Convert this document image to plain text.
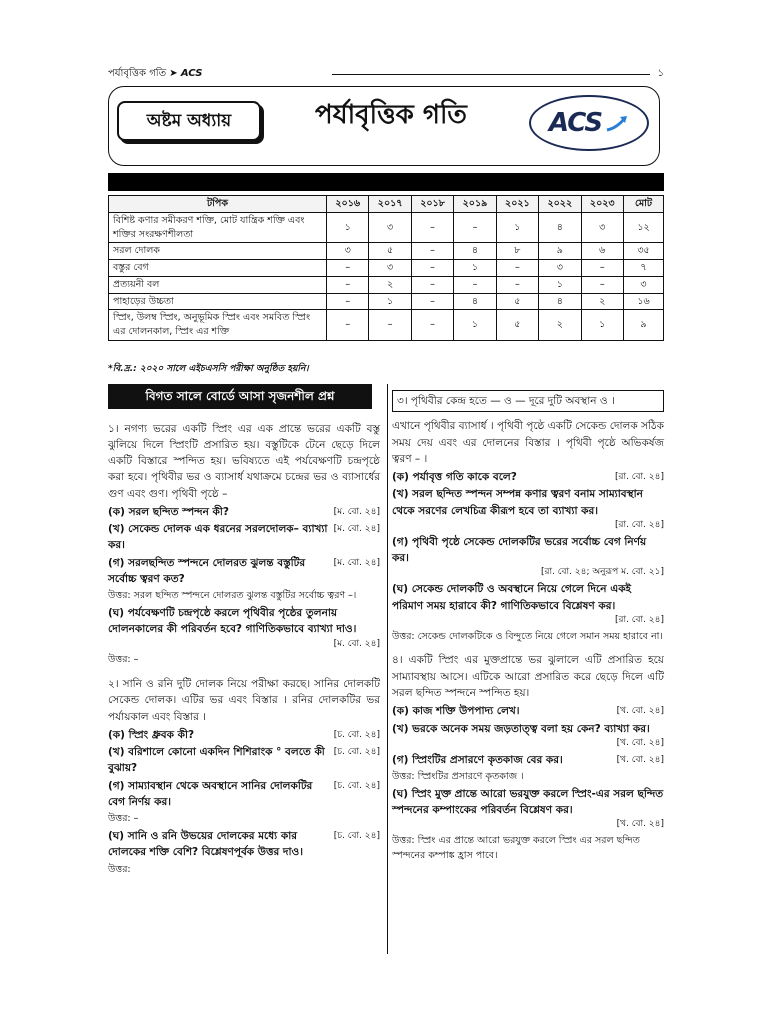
পর্যাবৃত্তিক গতি ➤ ACS	১
অষ্টম অধ্যায়	পর্যাবৃত্তিক গতি	ACS
টপিক	২০১৬	২০১৭	২০১৮	২০১৯	২০২১	২০২২	২০২৩	মোট
বিশিষ্ট কণার সমীকরণ শক্তি, মোট যান্ত্রিক শক্তি এবং শক্তির সংরক্ষণশীলতা	১	৩	–	–	১	৪	৩	১২
সরল দোলক	৩	৫	–	৪	৮	৯	৬	৩৫
বস্তুর বেগ	–	৩	–	১	–	৩	–	৭
প্রত্যয়নী বল	–	২	–	–	–	১	–	৩
পাহাড়ের উচ্চতা	–	১	–	৪	৫	৪	২	১৬
স্প্রিং, উলম্ব স্প্রিং, অনুভূমিক স্প্রিং এবং সমবিত স্প্রিং এর দোলনকাল, স্প্রিং এর শক্তি	–	–	–	১	৫	২	১	৯
*বি.দ্র.: ২০২০ সালে এইচএসসি পরীক্ষা অনুষ্ঠিত হয়নি।
বিগত সালে বোর্ডে আসা সৃজনশীল প্রশ্ন
১। নগণ্য ভরের একটি স্প্রিং এর এক প্রান্তে ভরের একটি বস্তু ঝুলিয়ে দিলে স্প্রিংটি প্রসারিত হয়। বস্তুটিকে টেনে ছেড়ে দিলে একটি বিস্তারে স্পন্দিত হয়। ভবিষ্যতে এই পর্যবেক্ষণটি চন্দ্রপৃষ্ঠে করা হবে। পৃথিবীর ভর ও ব্যাসার্ধ যথাক্রমে চন্দ্রের ভর ও ব্যাসার্ধের গুণ এবং গুণ। পৃথিবী পৃষ্ঠে –
(ক) সরল ছন্দিত স্পন্দন কী?	[ম. বো. ২৪]
(খ) সেকেন্ড দোলক এক ধরনের সরলদোলক– ব্যাখ্যা কর।
[ম. বো. ২৪]
(গ) সরলছন্দিত স্পন্দনে দোলরত ঝুলন্ত বস্তুটির সর্বোচ্চ ত্বরণ কত?
[ম. বো. ২৪]
উত্তর: সরল ছন্দিত স্পন্দনে দোলরত ঝুলন্ত বস্তুটির সর্বোচ্চ ত্বরণ –।
(ঘ) পর্যবেক্ষণটি চন্দ্রপৃষ্ঠে করলে পৃথিবীর পৃষ্ঠের তুলনায় দোলনকালের কী পরিবর্তন হবে? গাণিতিকভাবে ব্যাখ্যা দাও।
[ম. বো. ২৪]
উত্তর: –
২। সানি ও রনি দুটি দোলক নিয়ে পরীক্ষা করছে। সানির দোলকটি সেকেন্ড দোলক। এটির ভর এবং বিস্তার । রনির দোলকটির ভর পর্যায়কাল এবং বিস্তার ।
(ক) স্প্রিং ধ্রুবক কী?	[চ. বো. ২৪]
(খ) বরিশালে কোনো একদিন শিশিরাংক ° বলতে কী বুঝায়?
[চ. বো. ২৪]
(গ) সাম্যাবস্থান থেকে অবস্থানে সানির দোলকটির বেগ নির্ণয় কর।
[চ. বো. ২৪]
উত্তর: –
(ঘ) সানি ও রনি উভয়ের দোলকের মধ্যে কার দোলকের শক্তি বেশি? বিশ্লেষণপূর্বক উত্তর দাও।
[চ. বো. ২৪]
উত্তর:
৩। পৃথিবীর কেন্দ্র হতে — ও — দূরে দুটি অবস্থান ও ।
এখানে পৃথিবীর ব্যাসার্ধ । পৃথিবী পৃষ্ঠে একটি সেকেন্ড দোলক সঠিক সময় দেয় এবং এর দোলনের বিস্তার । পৃথিবী পৃষ্ঠে অভিকর্ষজ ত্বরণ – ।
(ক) পর্যাবৃত্ত গতি কাকে বলে?	[রা. বো. ২৪]
(খ) সরল ছন্দিত স্পন্দন সম্পন্ন কণার ত্বরণ বনাম সাম্যাবস্থান থেকে সরণের লেখচিত্র কীরূপ হবে তা ব্যাখ্যা কর।
[রা. বো. ২৪]
(গ) পৃথিবী পৃষ্ঠে সেকেন্ড দোলকটির ভরের সর্বোচ্চ বেগ নির্ণয় কর।
[রা. বো. ২৪; অনুরূপ ম. বো. ২১]
(ঘ) সেকেন্ড দোলকটি ও অবস্থানে নিয়ে গেলে দিনে একই পরিমাণ সময় হারাবে কী? গাণিতিকভাবে বিশ্লেষণ কর।
[রা. বো. ২৪]
উত্তর: সেকেন্ড দোলকটিকে ও বিন্দুতে নিয়ে গেলে সমান সময় হারাবে না।
৪। একটি স্প্রিং এর মুক্তপ্রান্তে ভর ঝুলালে এটি প্রসারিত হয়ে সাম্যাবস্থায় আসে। এটিকে আরো প্রসারিত করে ছেড়ে দিলে এটি সরল ছন্দিত স্পন্দনে স্পন্দিত হয়।
(ক) কাজ শক্তি উপপাদ্য লেখ।	[খ. বো. ২৪]
(খ) ভরকে অনেক সময় জড়তাত্ত্ব বলা হয় কেন? ব্যাখ্যা কর।
[খ. বো. ২৪]
(গ) স্প্রিংটির প্রসারণে কৃতকাজ বের কর।	[খ. বো. ২৪]
উত্তর: স্প্রিংটির প্রসারণে কৃতকাজ ।
(ঘ) স্প্রিং মুক্ত প্রান্তে আরো ভরযুক্ত করলে স্প্রিং-এর সরল ছন্দিত স্পন্দনের কম্পাংকের পরিবর্তন বিশ্লেষণ কর।
[খ. বো. ২৪]
উত্তর: স্প্রিং এর প্রান্তে আরো ভরযুক্ত করলে স্প্রিং এর সরল ছন্দিত স্পন্দনের কম্পাঙ্ক হ্রাস পাবে।
